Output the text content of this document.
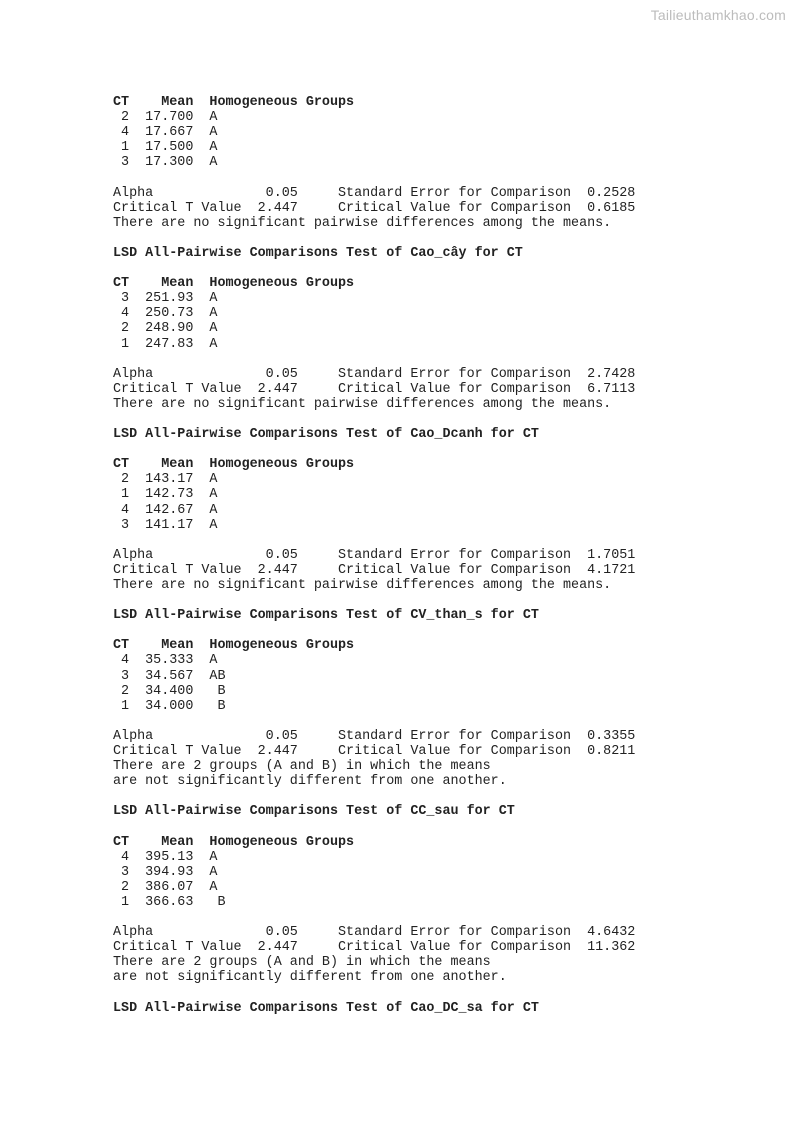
Tailieuthamkhao.com
CT    Mean  Homogeneous Groups
2  17.700  A
4  17.667  A
1  17.500  A
3  17.300  A
Alpha              0.05     Standard Error for Comparison  0.2528
Critical T Value  2.447     Critical Value for Comparison  0.6185
There are no significant pairwise differences among the means.
LSD All-Pairwise Comparisons Test of Cao_cây for CT
CT    Mean  Homogeneous Groups
3  251.93  A
4  250.73  A
2  248.90  A
1  247.83  A
Alpha              0.05     Standard Error for Comparison  2.7428
Critical T Value  2.447     Critical Value for Comparison  6.7113
There are no significant pairwise differences among the means.
LSD All-Pairwise Comparisons Test of Cao_Dcanh for CT
CT    Mean  Homogeneous Groups
2  143.17  A
1  142.73  A
4  142.67  A
3  141.17  A
Alpha              0.05     Standard Error for Comparison  1.7051
Critical T Value  2.447     Critical Value for Comparison  4.1721
There are no significant pairwise differences among the means.
LSD All-Pairwise Comparisons Test of CV_than_s for CT
CT    Mean  Homogeneous Groups
4  35.333  A
3  34.567  AB
2  34.400   B
1  34.000   B
Alpha              0.05     Standard Error for Comparison  0.3355
Critical T Value  2.447     Critical Value for Comparison  0.8211
There are 2 groups (A and B) in which the means
are not significantly different from one another.
LSD All-Pairwise Comparisons Test of CC_sau for CT
CT    Mean  Homogeneous Groups
4  395.13  A
3  394.93  A
2  386.07  A
1  366.63   B
Alpha              0.05     Standard Error for Comparison  4.6432
Critical T Value  2.447     Critical Value for Comparison  11.362
There are 2 groups (A and B) in which the means
are not significantly different from one another.
LSD All-Pairwise Comparisons Test of Cao_DC_sa for CT
